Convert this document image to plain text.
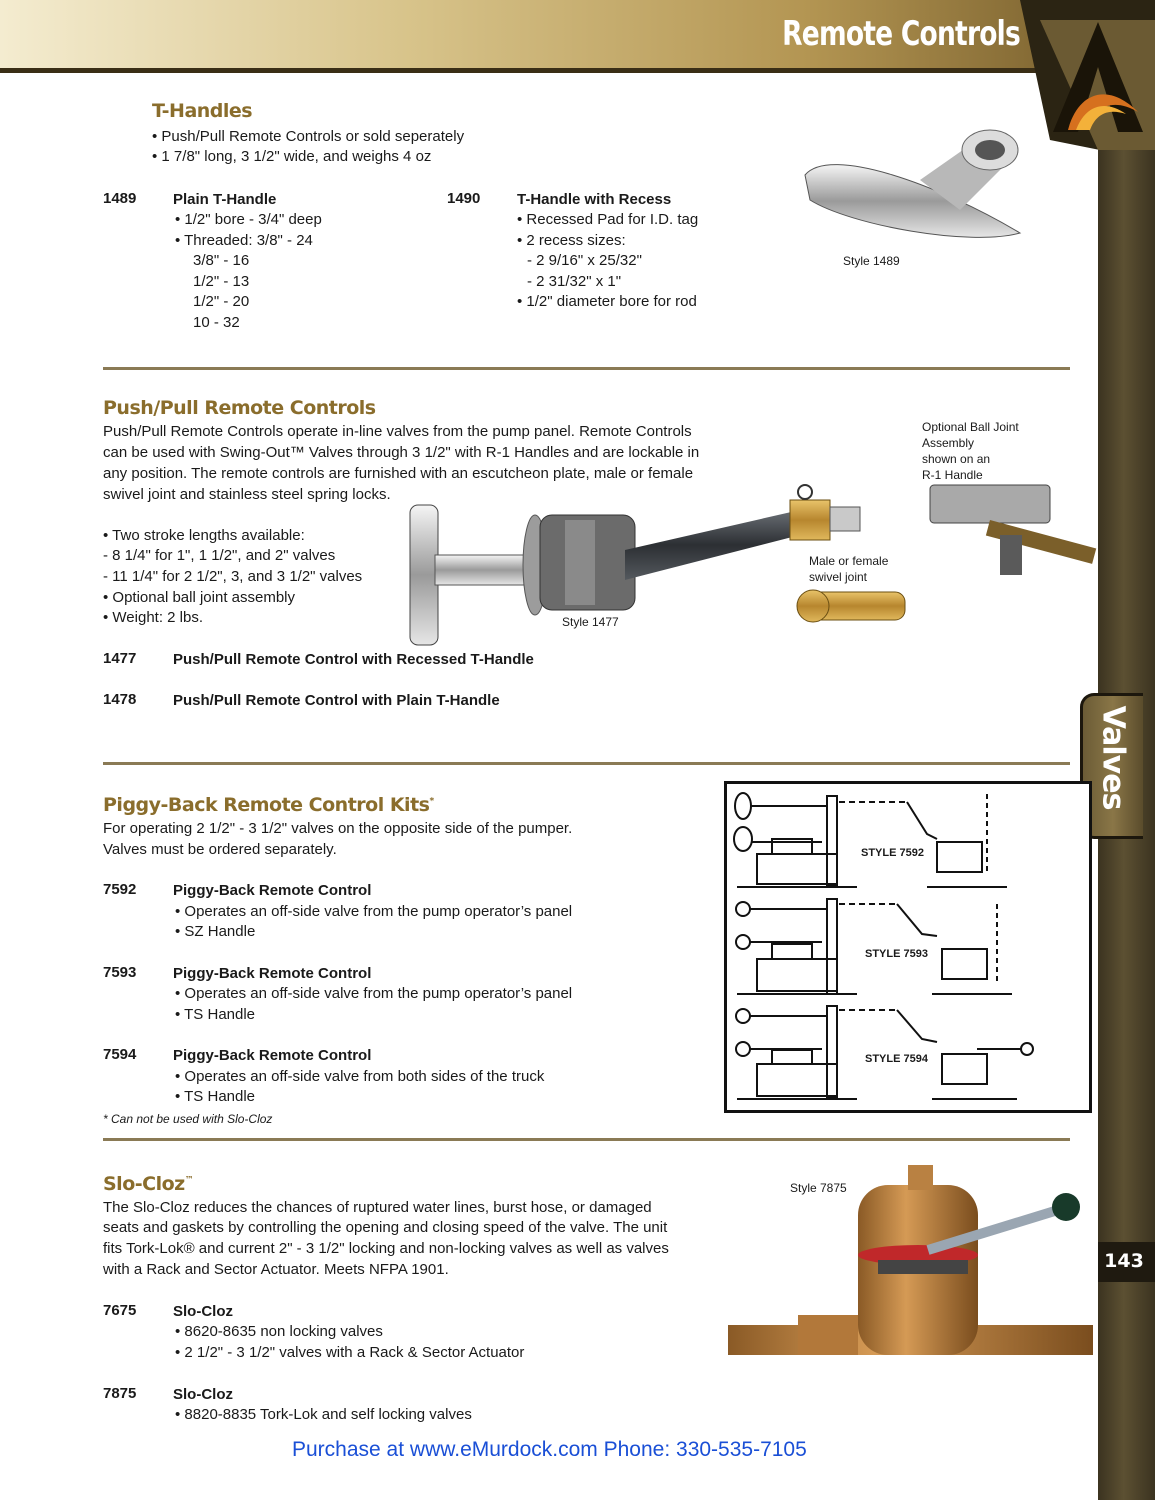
Remote Controls
Valves
143
T-Handles
• Push/Pull Remote Controls or sold seperately
• 1 7/8" long, 3 1/2" wide, and weighs 4 oz
1489 Plain T-Handle
• 1/2" bore - 3/4" deep
• Threaded: 3/8" - 24
3/8" - 16
1/2" - 13
1/2" - 20
10 - 32
1490 T-Handle with Recess
• Recessed Pad for I.D. tag
• 2 recess sizes:
- 2 9/16" x 25/32"
- 2 31/32" x 1"
• 1/2" diameter bore for rod
Style 1489
Push/Pull Remote Controls
Push/Pull Remote Controls operate in-line valves from the pump panel. Remote Controls
can be used with Swing-Out™ Valves through 3 1/2" with R-1 Handles and are lockable in
any position. The remote controls are furnished with an escutcheon plate, male or female
swivel joint and stainless steel spring locks.
• Two stroke lengths available:
- 8 1/4" for 1", 1 1/2", and 2" valves
- 11 1/4" for 2 1/2", 3, and 3 1/2" valves
• Optional ball joint assembly
• Weight: 2 lbs.
Optional Ball Joint
Assembly
shown on an
R-1 Handle
Male or female
swivel joint
Style 1477
1477 Push/Pull Remote Control with Recessed T-Handle
1478 Push/Pull Remote Control with Plain T-Handle
Piggy-Back Remote Control Kits*
For operating 2 1/2" - 3 1/2" valves on the opposite side of the pumper.
Valves must be ordered separately.
7592 Piggy-Back Remote Control
• Operates an off-side valve from the pump operator’s panel
• SZ Handle
7593 Piggy-Back Remote Control
• Operates an off-side valve from the pump operator’s panel
• TS Handle
7594 Piggy-Back Remote Control
• Operates an off-side valve from both sides of the truck
• TS Handle
* Can not be used with Slo-Cloz
STYLE 7592
STYLE 7593
STYLE 7594
Slo-Cloz™
The Slo-Cloz reduces the chances of ruptured water lines, burst hose, or damaged
seats and gaskets by controlling the opening and closing speed of the valve. The unit
fits Tork-Lok® and current 2" - 3 1/2" locking and non-locking valves as well as valves
with a Rack and Sector Actuator. Meets NFPA 1901.
7675 Slo-Cloz
• 8620-8635 non locking valves
• 2 1/2" - 3 1/2" valves with a Rack & Sector Actuator
7875 Slo-Cloz
• 8820-8835 Tork-Lok and self locking valves
Style 7875
Purchase at www.eMurdock.com Phone: 330-535-7105
